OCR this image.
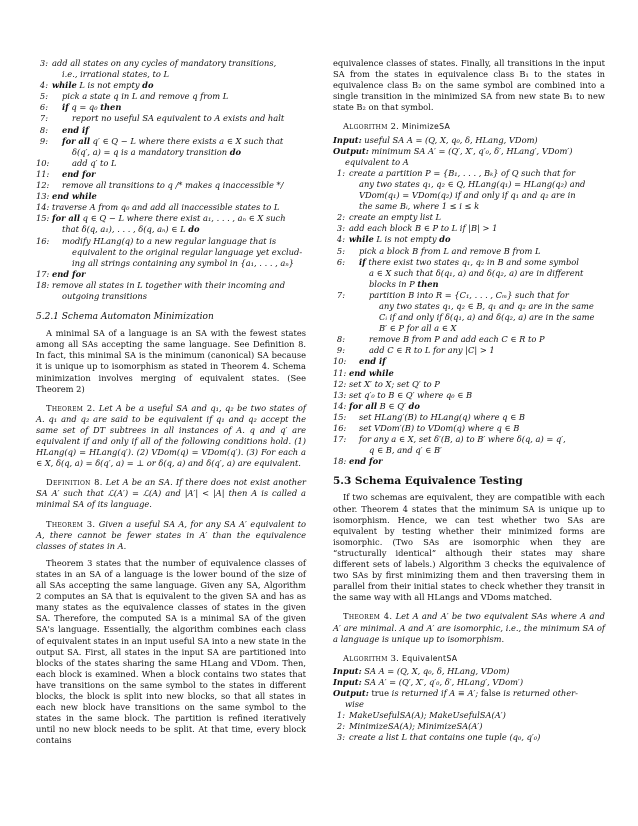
3: add all states on any cycles of mandatory transitions,
i.e., irrational states, to L
4: while L is not empty do
5: pick a state q in L and remove q from L
6: if q = q₀ then
7:	report no useful SA equivalent to A exists and halt
8: end if
9: for all q′ ∈ Q − L where there exists a ∈ X such that
δ(q′, a) = q is a mandatory transition do
10:	add q′ to L
11: end for
12: remove all transitions to q /* makes q inaccessible */
13: end while
14: traverse A from q₀ and add all inaccessible states to L
15: for all q ∈ Q − L where there exist a₁, . . . , aₙ ∈ X such
that δ(q, a₁), . . . , δ(q, aₙ) ∈ L do
16: modify HLang(q) to a new regular language that is
equivalent to the original regular language yet exclud-
ing all strings containing any symbol in {a₁, . . . , aₙ}
17: end for
18: remove all states in L together with their incoming and
outgoing transitions
5.2.1 Schema Automaton Minimization

A minimal SA of a language is an SA with the fewest states among all SAs accepting the same language. See Definition 8. In fact, this minimal SA is the minimum (canonical) SA because it is unique up to isomorphism as stated in Theorem 4. Schema minimization involves merging of equivalent states. (See Theorem 2)

Theorem 2. Let A be a useful SA and q₁, q₂ be two states of A. q₁ and q₂ are said to be equivalent if q₁ and q₂ accept the same set of DT subtrees in all instances of A. q and q′ are equivalent if and only if all of the following conditions hold. (1) HLang(q) = HLang(q′). (2) VDom(q) = VDom(q′). (3) For each a ∈ X, δ(q, a) = δ(q′, a) = ⊥ or δ(q, a) and δ(q′, a) are equivalent.

Definition 8. Let A be an SA. If there does not exist another SA A′ such that ℒ(A′) = ℒ(A) and |A′| < |A| then A is called a minimal SA of its language.

Theorem 3. Given a useful SA A, for any SA A′ equivalent to A, there cannot be fewer states in A′ than the equivalence classes of states in A.

Theorem 3 states that the number of equivalence classes of states in an SA of a language is the lower bound of the size of all SAs accepting the same language. Given any SA, Algorithm 2 computes an SA that is equivalent to the given SA and has as many states as the equivalence classes of states in the given SA. Therefore, the computed SA is a minimal SA of the given SA's language. Essentially, the algorithm combines each class of equivalent states in an input useful SA into a new state in the output SA. First, all states in the input SA are partitioned into blocks of the states sharing the same HLang and VDom. Then, each block is examined. When a block contains two states that have transitions on the same symbol to the states in different blocks, the block is split into new blocks, so that all states in each new block have transitions on the same symbol to the states in the same block. The partition is refined iteratively until no new block needs to be split. At that time, every block contains

equivalence classes of states. Finally, all transitions in the input SA from the states in equivalence class B₁ to the states in equivalence class B₂ on the same symbol are combined into a single transition in the minimized SA from new state B₁ to new state B₂ on that symbol.

Algorithm 2. MinimizeSA
Input: useful SA A = (Q, X, q₀, δ, HLang, VDom)
Output: minimum SA A′ = (Q′, X′, q′₀, δ′, HLang′, VDom′)
equivalent to A
1: create a partition P = {B₁, . . . , Bₖ} of Q such that for
any two states q₁, q₂ ∈ Q, HLang(q₁) = HLang(q₂) and
VDom(q₁) = VDom(q₂) if and only if q₁ and q₂ are in
the same Bᵢ, where 1 ≤ i ≤ k
2: create an empty list L
3: add each block B ∈ P to L if |B| > 1
4: while L is not empty do
5: pick a block B from L and remove B from L
6: if there exist two states q₁, q₂ in B and some symbol
a ∈ X such that δ(q₁, a) and δ(q₂, a) are in different
blocks in P then
7:	partition B into R = {C₁, . . . , Cₘ} such that for
any two states q₁, q₂ ∈ B, q₁ and q₂ are in the same
Cᵢ if and only if δ(q₁, a) and δ(q₂, a) are in the same
B′ ∈ P for all a ∈ X
8:	remove B from P and add each C ∈ R to P
9:	add C ∈ R to L for any |C| > 1
10: end if
11: end while
12: set X′ to X; set Q′ to P
13: set q′₀ to B ∈ Q′ where q₀ ∈ B
14: for all B ∈ Q′ do
15: set HLang′(B) to HLang(q) where q ∈ B
16: set VDom′(B) to VDom(q) where q ∈ B
17: for any a ∈ X, set δ′(B, a) to B′ where δ(q, a) = q′,
q ∈ B, and q′ ∈ B′
18: end for
5.3 Schema Equivalence Testing

If two schemas are equivalent, they are compatible with each other. Theorem 4 states that the minimum SA is unique up to isomorphism. Hence, we can test whether two SAs are equivalent by testing whether their minimized forms are isomorphic. (Two SAs are isomorphic when they are “structurally identical” although their states may share different sets of labels.) Algorithm 3 checks the equivalence of two SAs by first minimizing them and then traversing them in parallel from their initial states to check whether they transit in the same way with all HLangs and VDoms matched.

Theorem 4. Let A and A′ be two equivalent SAs where A and A′ are minimal. A and A′ are isomorphic, i.e., the minimum SA of a language is unique up to isomorphism.

Algorithm 3. EquivalentSA
Input: SA A = (Q, X, q₀, δ, HLang, VDom)
Input: SA A′ = (Q′, X′, q′₀, δ′, HLang′, VDom′)
Output: true is returned if A ≡ A′; false is returned other-
wise
1: MakeUsefulSA(A); MakeUsefulSA(A′)
2: MinimizeSA(A); MinimizeSA(A′)
3: create a list L that contains one tuple (q₀, q′₀)
